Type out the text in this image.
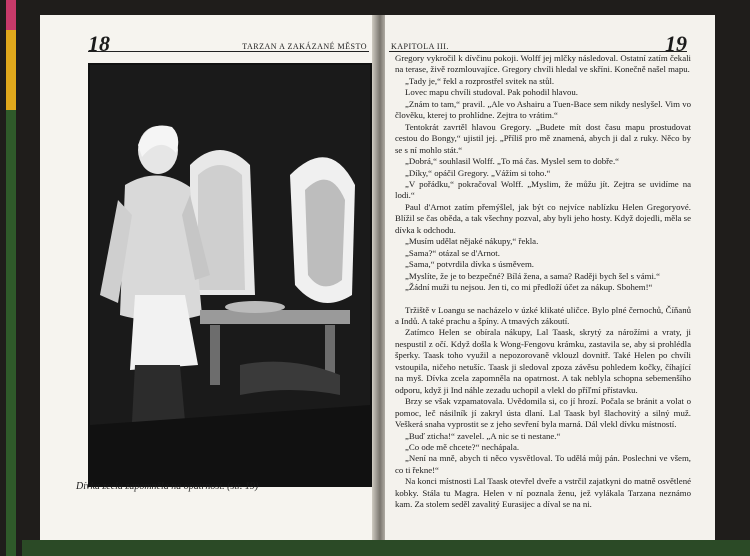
18	TARZAN A ZAKÁZANÉ MĚSTO
Dívka zcela zapomněla na opatrnost. (str. 19)
19
KAPITOLA III.

Gregory vykročil k dívčinu pokoji. Wolff jej mlčky následoval. Ostatní zatím čekali na terase, živě rozmlouvajíce. Gregory chvíli hledal ve skříni. Konečně našel mapu.

„Tady je,“ řekl a rozprostřel svitek na stůl.

Lovec mapu chvíli studoval. Pak pohodil hlavou.

„Znám to tam,“ pravil. „Ale vo Ashairu a Tuen-Bace sem nikdy neslyšel. Vim vo člověku, kterej to prohlídne. Zejtra to vrátim.“

Tentokrát zavrtěl hlavou Gregory. „Budete mít dost času mapu prostudovat cestou do Bongy,“ ujistil jej. „Příliš pro mě znamená, abych ji dal z ruky. Něco by se s ní mohlo stát.“

„Dobrá,“ souhlasil Wolff. „To má čas. Myslel sem to dobře.“

„Díky,“ opáčil Gregory. „Vážím si toho.“

„V pořádku,“ pokračoval Wolff. „Myslim, že můžu jít. Zejtra se uvidíme na lodi.“

Paul d'Arnot zatím přemýšlel, jak být co nejvíce nablízku Helen Gregoryové. Blížil se čas oběda, a tak všechny pozval, aby byli jeho hosty. Když dojedli, měla se dívka k odchodu.

„Musím udělat nějaké nákupy,“ řekla.

„Sama?“ otázal se d'Arnot.

„Sama,“ potvrdila dívka s úsměvem.

„Myslíte, že je to bezpečné? Bílá žena, a sama? Raději bych šel s vámi.“

„Žádní muži tu nejsou. Jen ti, co mi předloží účet za nákup. Sbohem!“

Tržiště v Loangu se nacházelo v úzké klikaté uličce. Bylo plné černochů, Číňanů a Indů. A také prachu a špíny. A tmavých zákoutí.

Zatímco Helen se obírala nákupy, Lal Taask, skrytý za nárožími a vraty, ji nespustil z očí. Když došla k Wong-Fengovu krámku, zastavila se, aby si prohlédla šperky. Taask toho využil a nepozorovaně vklouzl dovnitř. Také Helen po chvíli vstoupila, ničeho netušíc. Taask ji sledoval zpoza závěsu pohledem kočky, číhající na myš. Dívka zcela zapomněla na opatrnost. A tak neblyla schopna sebemenšího odporu, když ji Ind náhle zezadu uchopil a vlekl do příľmí přístavku.

Brzy se však vzpamatovala. Uvědomila si, co jí hrozí. Počala se bránit a volat o pomoc, leč násilník jí zakryl ústa dlaní. Lal Taask byl šlachovitý a silný muž. Veškerá snaha vyprostit se z jeho sevření byla marná. Dál vlekl dívku místností.

„Buď zticha!“ zavelel. „A nic se ti nestane.“

„Co ode mě chcete?“ nechápala.

„Není na mně, abych ti něco vysvětloval. To udělá můj pán. Poslechni ve všem, co ti řekne!“

Na konci místnosti Lal Taask otevřel dveře a vstrčil zajatkyni do matně osvětlené kobky. Stála tu Magra. Helen v ní poznala ženu, jež vylákala Tarzana neznámo kam. Za stolem seděl zavalitý Eurasijec a díval se na ni.
